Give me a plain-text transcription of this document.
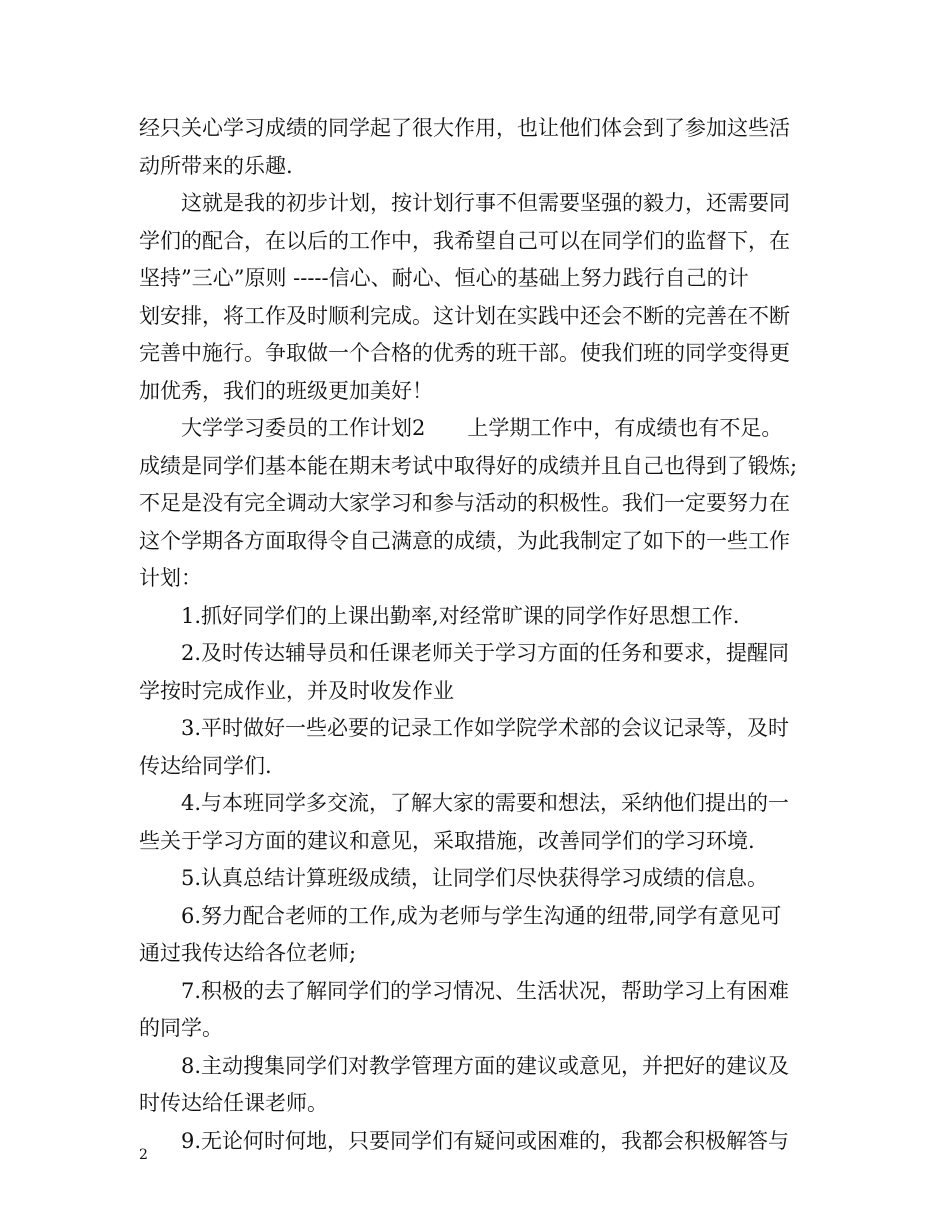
经只关心学习成绩的同学起了很大作用，也让他们体会到了参加这些活
动所带来的乐趣.
这就是我的初步计划，按计划行事不但需要坚强的毅力，还需要同
学们的配合，在以后的工作中，我希望自己可以在同学们的监督下，在
坚持”三心”原则 -----信心、耐心、恒心的基础上努力践行自己的计
划安排，将工作及时顺利完成。这计划在实践中还会不断的完善在不断
完善中施行。争取做一个合格的优秀的班干部。使我们班的同学变得更
加优秀，我们的班级更加美好！
大学学习委员的工作计划2　　上学期工作中，有成绩也有不足。
成绩是同学们基本能在期末考试中取得好的成绩并且自己也得到了锻炼;
不足是没有完全调动大家学习和参与活动的积极性。我们一定要努力在
这个学期各方面取得令自己满意的成绩，为此我制定了如下的一些工作
计划：
1.抓好同学们的上课出勤率,对经常旷课的同学作好思想工作.
2.及时传达辅导员和任课老师关于学习方面的任务和要求，提醒同
学按时完成作业，并及时收发作业
3.平时做好一些必要的记录工作如学院学术部的会议记录等，及时
传达给同学们.
4.与本班同学多交流，了解大家的需要和想法，采纳他们提出的一
些关于学习方面的建议和意见，采取措施，改善同学们的学习环境.
5.认真总结计算班级成绩，让同学们尽快获得学习成绩的信息。
6.努力配合老师的工作,成为老师与学生沟通的纽带,同学有意见可
通过我传达给各位老师;
7.积极的去了解同学们的学习情况、生活状况，帮助学习上有困难
的同学。
8.主动搜集同学们对教学管理方面的建议或意见，并把好的建议及
时传达给任课老师。
9.无论何时何地，只要同学们有疑问或困难的，我都会积极解答与
2
